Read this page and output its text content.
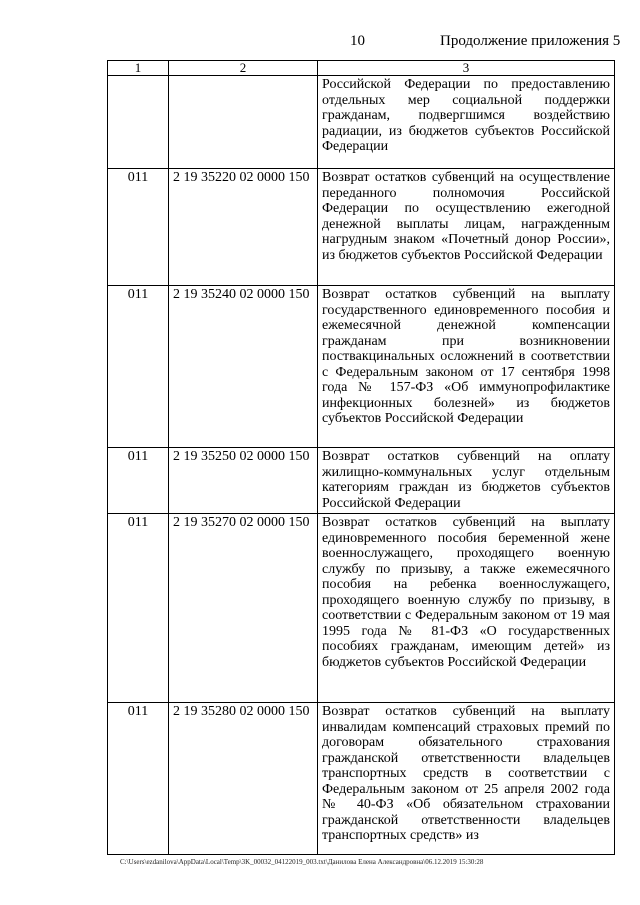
10	Продолжение приложения 5
1	2	3
		Российской Федерации по предоставлению отдельных мер социальной поддержки гражданам, подвергшимся воздействию радиации, из бюджетов субъектов Российской Федерации
011	2 19 35220 02 0000 150	Возврат остатков субвенций на осуществление переданного полномочия Российской Федерации по осуществлению ежегодной денежной выплаты лицам, награжденным нагрудным знаком «Почетный донор России», из бюджетов субъектов Российской Федерации
011	2 19 35240 02 0000 150	Возврат остатков субвенций на выплату государственного единовременного пособия и ежемесячной денежной компенсации гражданам при возникновении поствакцинальных осложнений в соответствии с Федеральным законом от 17 сентября 1998 года № 157-ФЗ «Об иммунопрофилактике инфекционных болезней» из бюджетов субъектов Российской Федерации
011	2 19 35250 02 0000 150	Возврат остатков субвенций на оплату жилищно-коммунальных услуг отдельным категориям граждан из бюджетов субъектов Российской Федерации
011	2 19 35270 02 0000 150	Возврат остатков субвенций на выплату единовременного пособия беременной жене военнослужащего, проходящего военную службу по призыву, а также ежемесячного пособия на ребенка военнослужащего, проходящего военную службу по призыву, в соответствии с Федеральным законом от 19 мая 1995 года № 81-ФЗ «О государственных пособиях гражданам, имеющим детей» из бюджетов субъектов Российской Федерации
011	2 19 35280 02 0000 150	Возврат остатков субвенций на выплату инвалидам компенсаций страховых премий по договорам обязательного страхования гражданской ответственности владельцев транспортных средств в соответствии с Федеральным законом от 25 апреля 2002 года № 40-ФЗ «Об обязательном страховании гражданской ответственности владельцев транспортных средств» из
C:\Users\ezdanilova\AppData\Local\Temp\3K_00032_04122019_003.txt\Данилова Елена Александровна\06.12.2019 15:30:28
